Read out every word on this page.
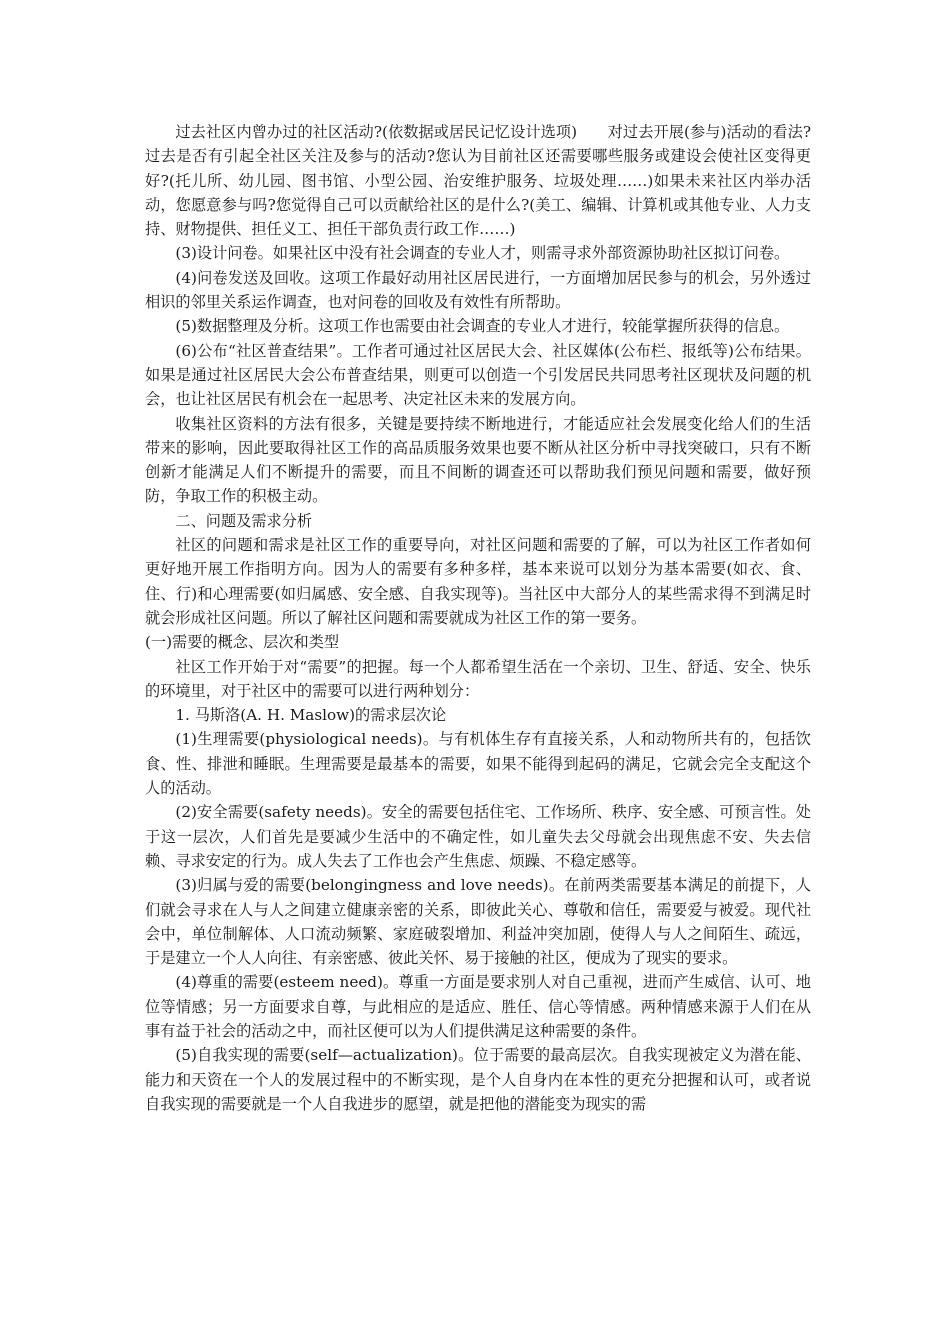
过去社区内曾办过的社区活动?(依数据或居民记忆设计选项)　　对过去开展(参与)活动的看法?过去是否有引起全社区关注及参与的活动?您认为目前社区还需要哪些服务或建设会使社区变得更好?(托儿所、幼儿园、图书馆、小型公园、治安维护服务、垃圾处理……)如果未来社区内举办活动，您愿意参与吗?您觉得自己可以贡献给社区的是什么?(美工、编辑、计算机或其他专业、人力支持、财物提供、担任义工、担任干部负责行政工作……)

(3)设计问卷。如果社区中没有社会调查的专业人才，则需寻求外部资源协助社区拟订问卷。

(4)问卷发送及回收。这项工作最好动用社区居民进行，一方面增加居民参与的机会，另外透过相识的邻里关系运作调查，也对问卷的回收及有效性有所帮助。

(5)数据整理及分析。这项工作也需要由社会调查的专业人才进行，较能掌握所获得的信息。

(6)公布“社区普查结果”。工作者可通过社区居民大会、社区媒体(公布栏、报纸等)公布结果。如果是通过社区居民大会公布普查结果，则更可以创造一个引发居民共同思考社区现状及问题的机会，也让社区居民有机会在一起思考、决定社区未来的发展方向。

收集社区资料的方法有很多，关键是要持续不断地进行，才能适应社会发展变化给人们的生活带来的影响，因此要取得社区工作的高品质服务效果也要不断从社区分析中寻找突破口，只有不断创新才能满足人们不断提升的需要，而且不间断的调查还可以帮助我们预见问题和需要，做好预防，争取工作的积极主动。

二、问题及需求分析

社区的问题和需求是社区工作的重要导向，对社区问题和需要的了解，可以为社区工作者如何更好地开展工作指明方向。因为人的需要有多种多样，基本来说可以划分为基本需要(如衣、食、住、行)和心理需要(如归属感、安全感、自我实现等)。当社区中大部分人的某些需求得不到满足时就会形成社区问题。所以了解社区问题和需要就成为社区工作的第一要务。

(一)需要的概念、层次和类型

社区工作开始于对“需要”的把握。每一个人都希望生活在一个亲切、卫生、舒适、安全、快乐的环境里，对于社区中的需要可以进行两种划分：

1. 马斯洛(A. H. Maslow)的需求层次论

(1)生理需要(physiological needs)。与有机体生存有直接关系，人和动物所共有的，包括饮食、性、排泄和睡眠。生理需要是最基本的需要，如果不能得到起码的满足，它就会完全支配这个人的活动。

(2)安全需要(safety needs)。安全的需要包括住宅、工作场所、秩序、安全感、可预言性。处于这一层次，人们首先是要减少生活中的不确定性，如儿童失去父母就会出现焦虑不安、失去信赖、寻求安定的行为。成人失去了工作也会产生焦虑、烦躁、不稳定感等。

(3)归属与爱的需要(belongingness and love needs)。在前两类需要基本满足的前提下，人们就会寻求在人与人之间建立健康亲密的关系，即彼此关心、尊敬和信任，需要爱与被爱。现代社会中，单位制解体、人口流动频繁、家庭破裂增加、利益冲突加剧，使得人与人之间陌生、疏远，于是建立一个人人向往、有亲密感、彼此关怀、易于接触的社区，便成为了现实的要求。

(4)尊重的需要(esteem need)。尊重一方面是要求别人对自己重视，进而产生威信、认可、地位等情感；另一方面要求自尊，与此相应的是适应、胜任、信心等情感。两种情感来源于人们在从事有益于社会的活动之中，而社区便可以为人们提供满足这种需要的条件。

(5)自我实现的需要(self—actualization)。位于需要的最高层次。自我实现被定义为潜在能、能力和天资在一个人的发展过程中的不断实现，是个人自身内在本性的更充分把握和认可，或者说自我实现的需要就是一个人自我进步的愿望，就是把他的潜能变为现实的需
